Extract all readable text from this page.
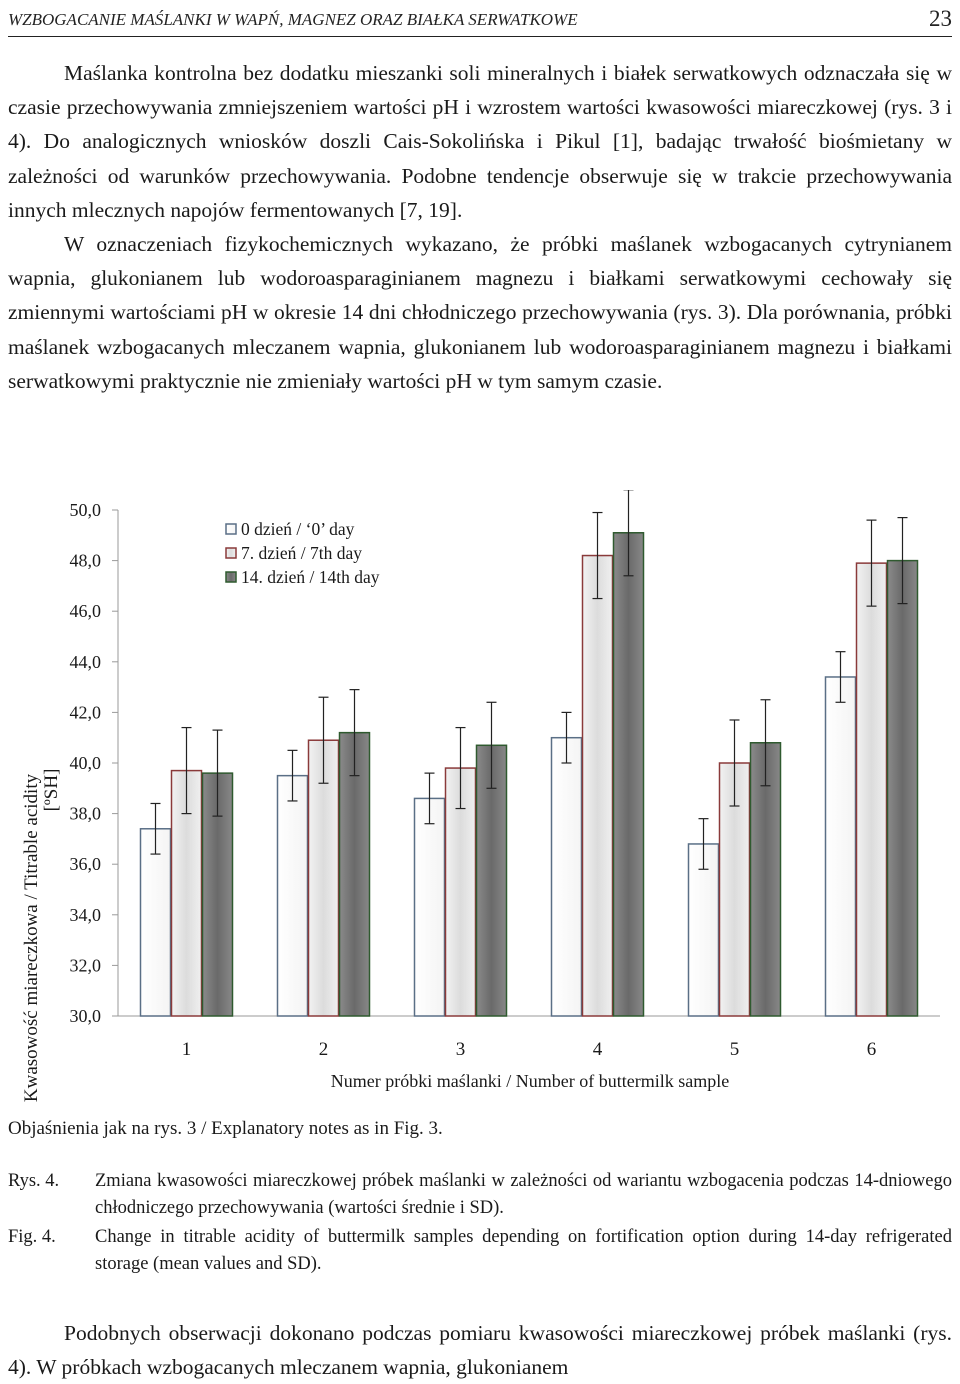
WZBOGACANIE MAŚLANKI W WAPŃ, MAGNEZ ORAZ BIAŁKA SERWATKOWE	23

Maślanka kontrolna bez dodatku mieszanki soli mineralnych i białek serwatkowych odznaczała się w czasie przechowywania zmniejszeniem wartości pH i wzrostem wartości kwasowości miareczkowej (rys. 3 i 4). Do analogicznych wniosków doszli Cais-Sokolińska i Pikul [1], badając trwałość biośmietany w zależności od warunków przechowywania. Podobne tendencje obserwuje się w trakcie przechowywania innych mlecznych napojów fermentowanych [7, 19].

W oznaczeniach fizykochemicznych wykazano, że próbki maślanek wzbogacanych cytrynianem wapnia, glukonianem lub wodoroasparaginianem magnezu i białkami serwatkowymi cechowały się zmiennymi wartościami pH w okresie 14 dni chłodniczego przechowywania (rys. 3). Dla porównania, próbki maślanek wzbogacanych mleczanem wapnia, glukonianem lub wodoroasparaginianem magnezu i białkami serwatkowymi praktycznie nie zmieniały wartości pH w tym samym czasie.

50,0
48,0
46,0
44,0
42,0
40,0
38,0
36,0
34,0
32,0
30,0
1	2	3	4	5	6
0 dzień / ‘0’ day
7. dzień / 7th day
14. dzień / 14th day
Kwasowość miareczkowa / Titrable acidity [ºSH]
Numer próbki maślanki / Number of buttermilk sample
Objaśnienia jak na rys. 3 / Explanatory notes as in Fig. 3.
Rys. 4.	Zmiana kwasowości miareczkowej próbek maślanki w zależności od wariantu wzbogacenia podczas 14-dniowego chłodniczego przechowywania (wartości średnie i SD).
Fig. 4.	Change in titrable acidity of buttermilk samples depending on fortification option during 14-day refrigerated storage (mean values and SD).

Podobnych obserwacji dokonano podczas pomiaru kwasowości miareczkowej próbek maślanki (rys. 4). W próbkach wzbogacanych mleczanem wapnia, glukonianem
